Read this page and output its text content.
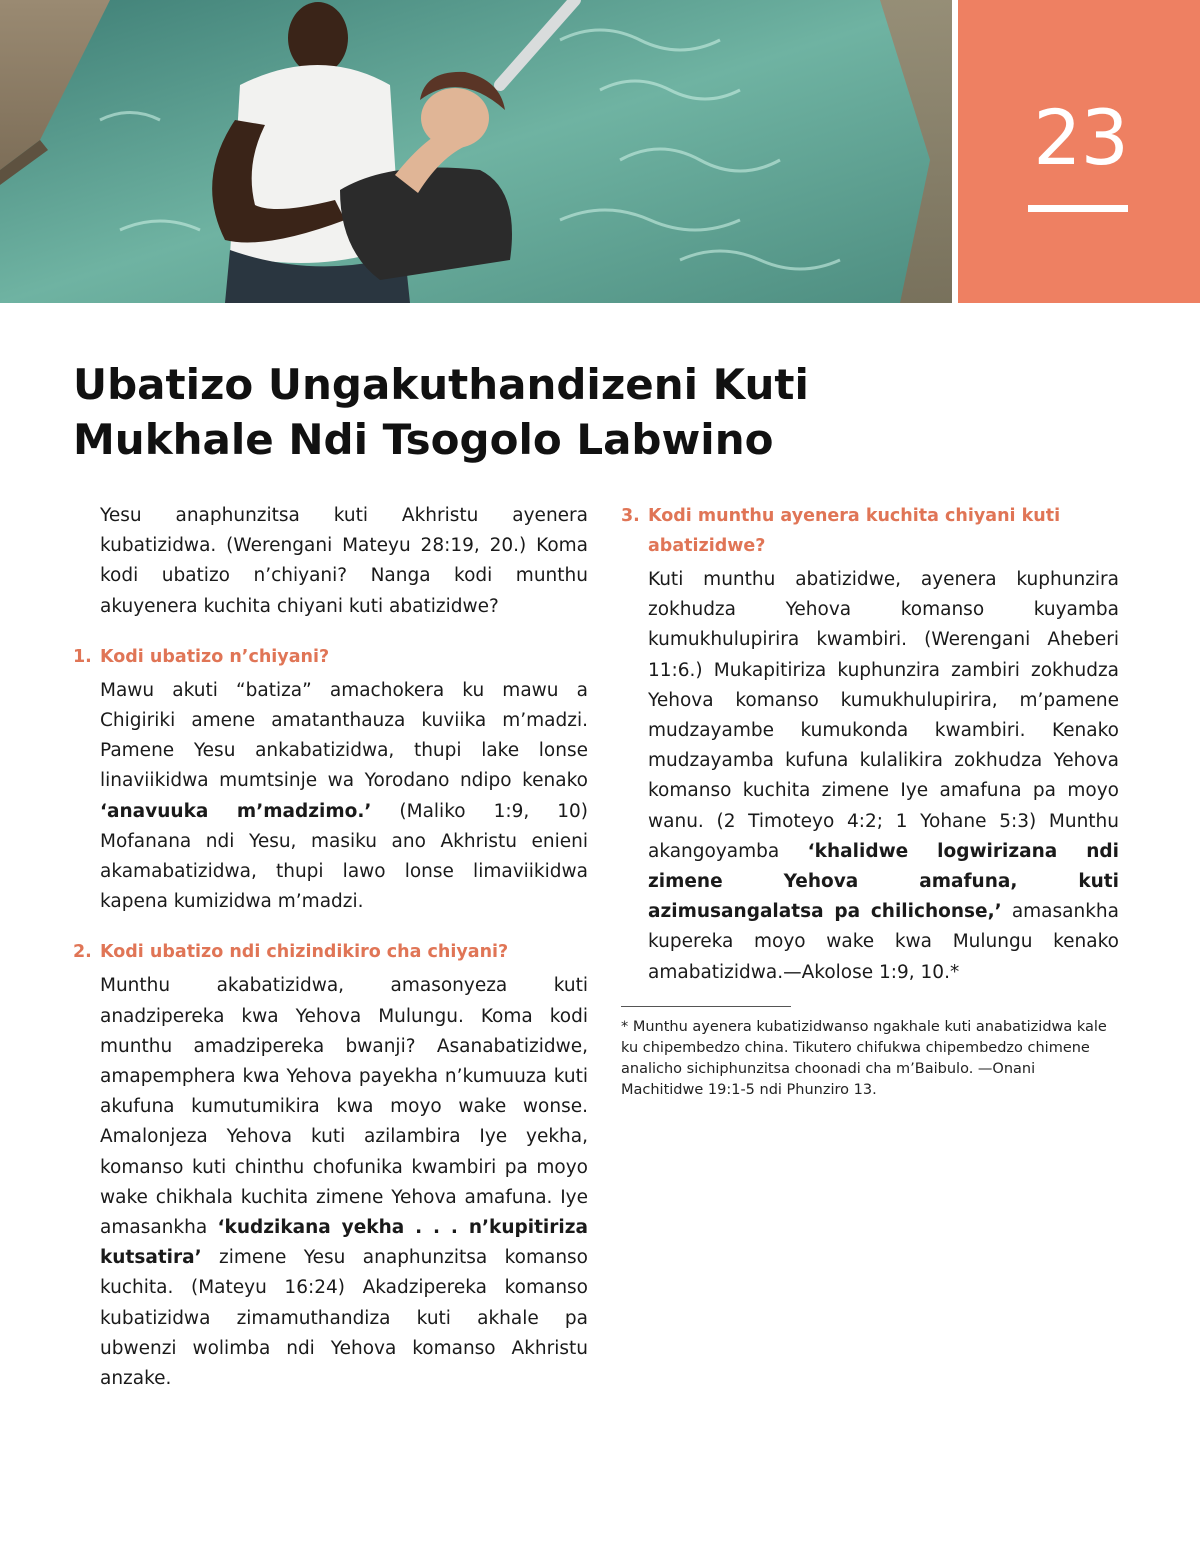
23
Ubatizo Ungakuthandizeni Kuti
Mukhale Ndi Tsogolo Labwino

Yesu anaphunzitsa kuti Akhristu ayenera kubatizidwa. (Werengani Mateyu 28:19, 20.) Koma kodi ubatizo n’chiyani? Nanga kodi munthu akuyenera kuchita chiyani kuti abatizidwe?

1. Kodi ubatizo n’chiyani?

Mawu akuti “batiza” amachokera ku mawu a Chigiriki amene amatanthauza kuviika m’madzi. Pamene Yesu ankabatizidwa, thupi lake lonse linaviikidwa mumtsinje wa Yorodano ndipo kenako ‘anavuuka m’madzimo.’ (Maliko 1:9, 10) Mofanana ndi Yesu, masiku ano Akhristu enieni akamabatizidwa, thupi lawo lonse limaviikidwa kapena kumizidwa m’madzi.

2. Kodi ubatizo ndi chizindikiro cha chiyani?

Munthu akabatizidwa, amasonyeza kuti anadzipereka kwa Yehova Mulungu. Koma kodi munthu amadzipereka bwanji? Asanabatizidwe, amapemphera kwa Yehova payekha n’kumuuza kuti akufuna kumutumikira kwa moyo wake wonse. Amalonjeza Yehova kuti azilambira Iye yekha, komanso kuti chinthu chofunika kwambiri pa moyo wake chikhala kuchita zimene Yehova amafuna. Iye amasankha ‘kudzikana yekha . . . n’kupitiriza kutsatira’ zimene Yesu anaphunzitsa komanso kuchita. (Mateyu 16:24) Akadzipereka komanso kubatizidwa zimamuthandiza kuti akhale pa ubwenzi wolimba ndi Yehova komanso Akhristu anzake.

3. Kodi munthu ayenera kuchita chiyani kuti abatizidwe?

Kuti munthu abatizidwe, ayenera kuphunzira zokhudza Yehova komanso kuyamba kumukhulupirira kwambiri. (Werengani Aheberi 11:6.) Mukapitiriza kuphunzira zambiri zokhudza Yehova komanso kumukhulupirira, m’pamene mudzayambe kumukonda kwambiri. Kenako mudzayamba kufuna kulalikira zokhudza Yehova komanso kuchita zimene Iye amafuna pa moyo wanu. (2 Timoteyo 4:2; 1 Yohane 5:3) Munthu akangoyamba ‘khalidwe logwirizana ndi zimene Yehova amafuna, kuti azimusangalatsa pa chilichonse,’ amasankha kupereka moyo wake kwa Mulungu kenako amabatizidwa.—Akolose 1:9, 10.*

* Munthu ayenera kubatizidwanso ngakhale kuti anabatizidwa kale ku chipembedzo china. Tikutero chifukwa chipembedzo chimene analicho sichiphunzitsa choonadi cha m’Baibulo. —Onani Machitidwe 19:1-5 ndi Phunziro 13.
